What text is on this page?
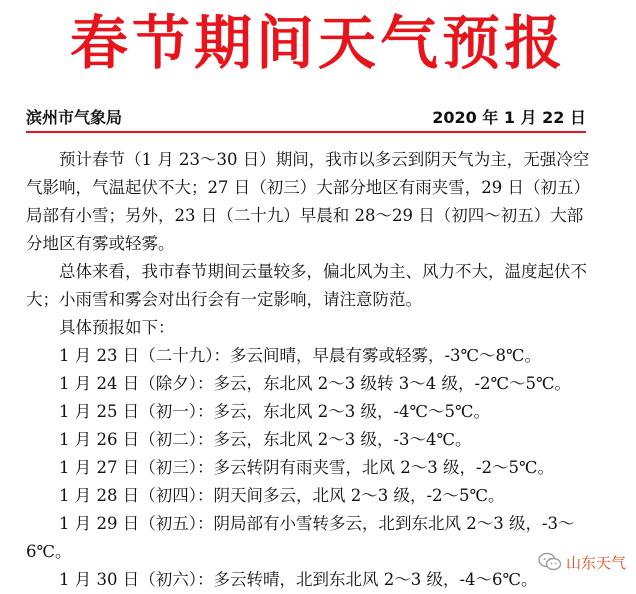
春节期间天气预报
滨州市气象局	2020 年 1 月 22 日

预计春节（1 月 23～30 日）期间，我市以多云到阴天气为主，无强冷空气影响，气温起伏不大；27 日（初三）大部分地区有雨夹雪，29 日（初五）局部有小雪；另外，23 日（二十九）早晨和 28～29 日（初四～初五）大部分地区有雾或轻雾。

总体来看，我市春节期间云量较多，偏北风为主、风力不大，温度起伏不大；小雨雪和雾会对出行会有一定影响，请注意防范。

具体预报如下：

1 月 23 日（二十九）：多云间晴，早晨有雾或轻雾，-3℃～8℃。

1 月 24 日（除夕）：多云，东北风 2～3 级转 3～4 级，-2℃～5℃。

1 月 25 日（初一）：多云，东北风 2～3 级，-4℃～5℃。

1 月 26 日（初二）：多云，东北风 2～3 级，-3～4℃。

1 月 27 日（初三）：多云转阴有雨夹雪，北风 2～3 级，-2～5℃。

1 月 28 日（初四）：阴天间多云，北风 2～3 级，-2～5℃。

1 月 29 日（初五）：阴局部有小雪转多云，北到东北风 2～3 级，-3～6℃。

1 月 30 日（初六）：多云转晴，北到东北风 2～3 级，-4～6℃。

山东天气
